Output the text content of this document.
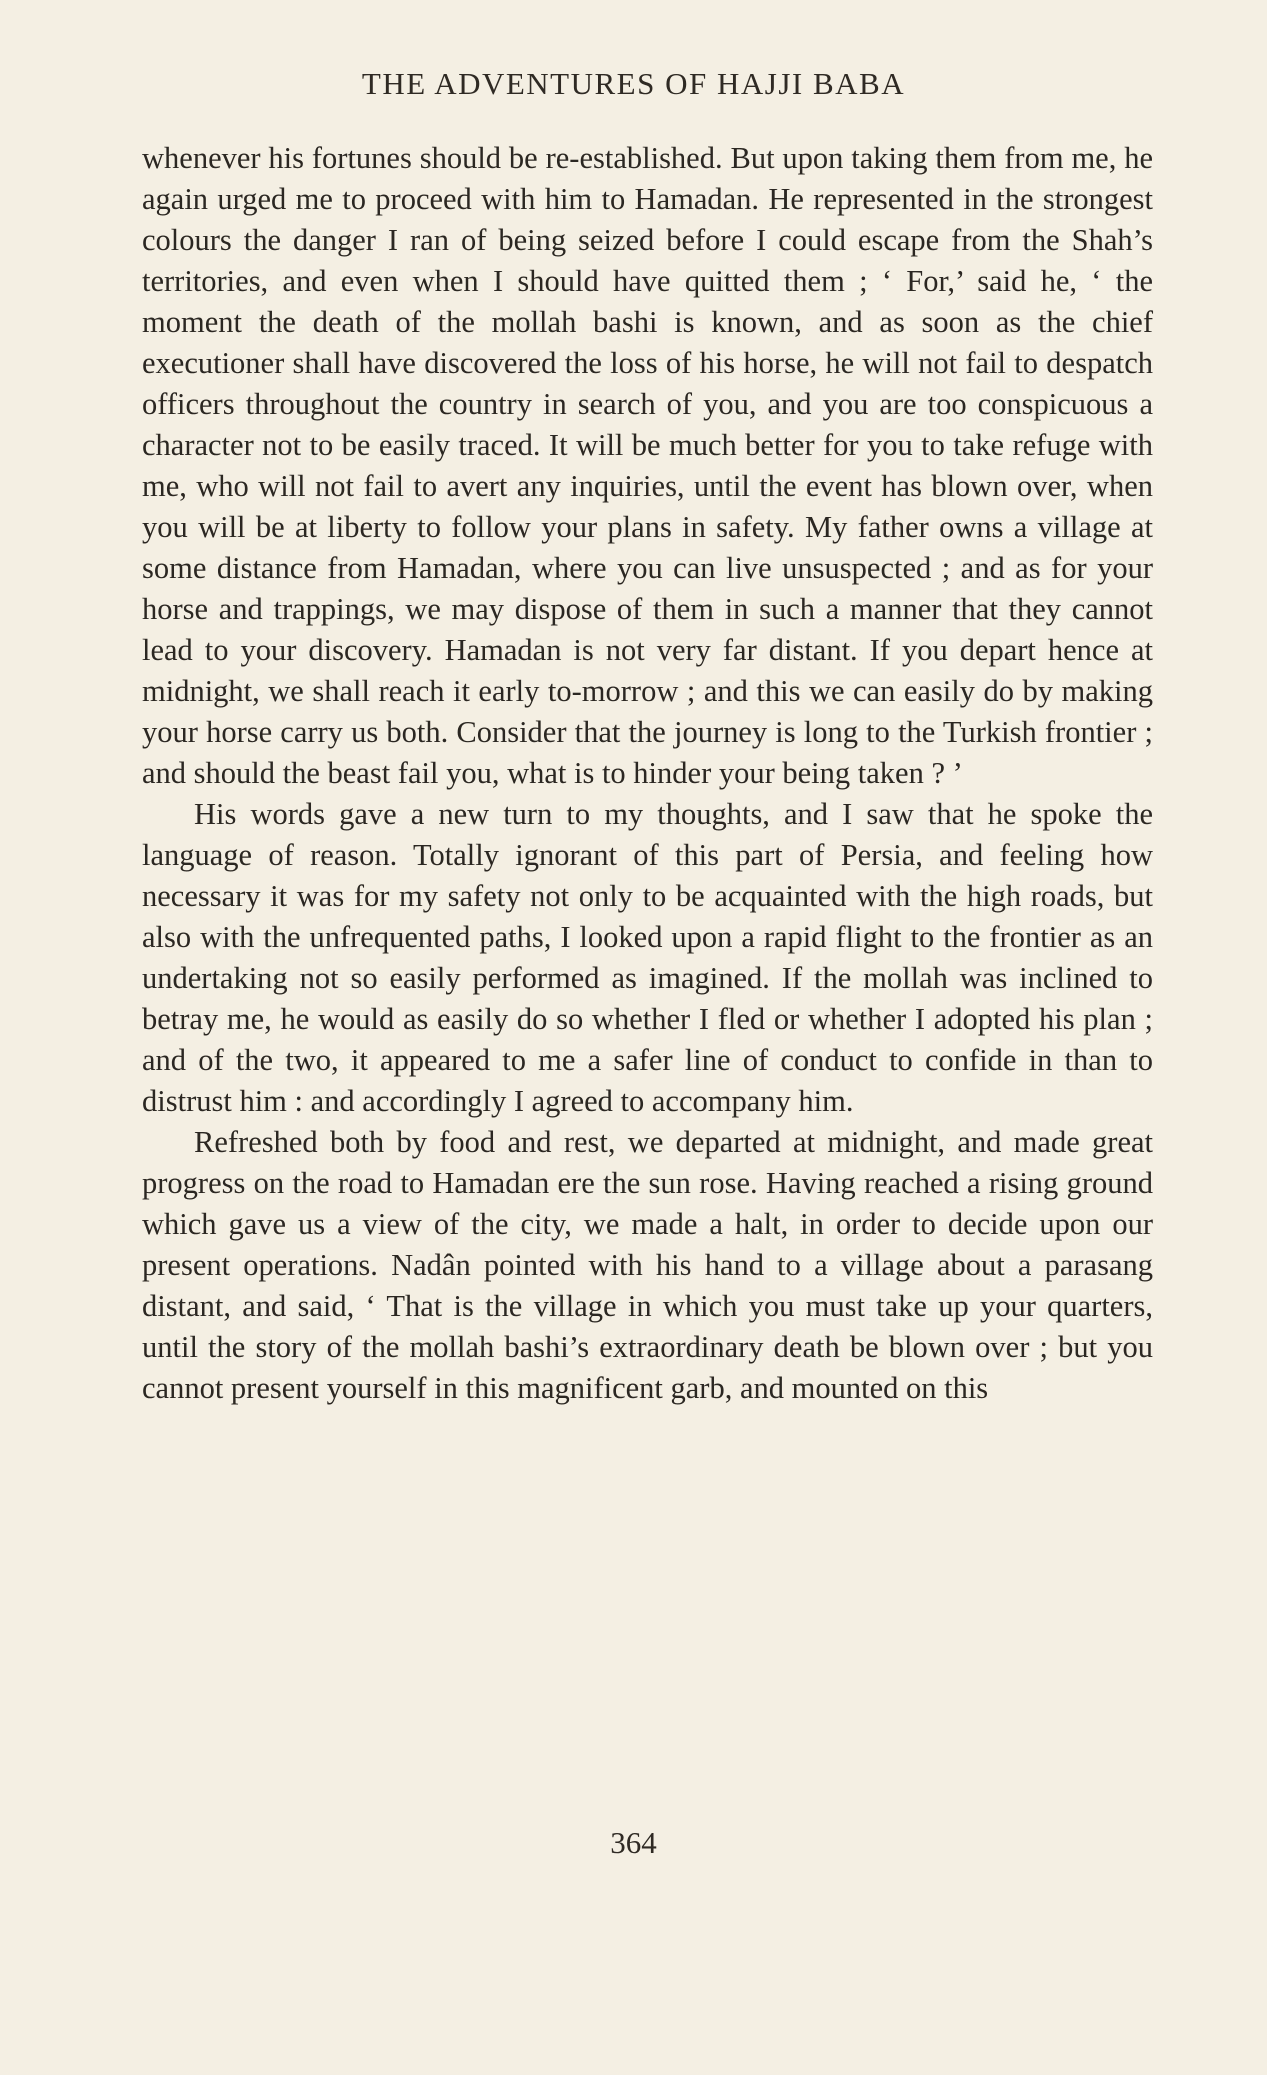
THE ADVENTURES OF HAJJI BABA

whenever his fortunes should be re-established. But upon taking them from me, he again urged me to proceed with him to Hamadan. He represented in the strongest colours the danger I ran of being seized before I could escape from the Shah’s territories, and even when I should have quitted them ; ‘ For,’ said he, ‘ the moment the death of the mollah bashi is known, and as soon as the chief executioner shall have discovered the loss of his horse, he will not fail to despatch officers throughout the country in search of you, and you are too conspicuous a character not to be easily traced. It will be much better for you to take refuge with me, who will not fail to avert any inquiries, until the event has blown over, when you will be at liberty to follow your plans in safety. My father owns a village at some distance from Hamadan, where you can live unsuspected ; and as for your horse and trappings, we may dispose of them in such a manner that they cannot lead to your discovery. Hamadan is not very far distant. If you depart hence at midnight, we shall reach it early to-morrow ; and this we can easily do by making your horse carry us both. Consider that the journey is long to the Turkish frontier ; and should the beast fail you, what is to hinder your being taken ? ’

His words gave a new turn to my thoughts, and I saw that he spoke the language of reason. Totally ignorant of this part of Persia, and feeling how necessary it was for my safety not only to be acquainted with the high roads, but also with the unfrequented paths, I looked upon a rapid flight to the frontier as an undertaking not so easily performed as imagined. If the mollah was inclined to betray me, he would as easily do so whether I fled or whether I adopted his plan ; and of the two, it appeared to me a safer line of conduct to confide in than to distrust him : and accordingly I agreed to accompany him.

Refreshed both by food and rest, we departed at midnight, and made great progress on the road to Hamadan ere the sun rose. Having reached a rising ground which gave us a view of the city, we made a halt, in order to decide upon our present operations. Nadân pointed with his hand to a village about a parasang distant, and said, ‘ That is the village in which you must take up your quarters, until the story of the mollah bashi’s extraordinary death be blown over ; but you cannot present yourself in this magnificent garb, and mounted on this

364
